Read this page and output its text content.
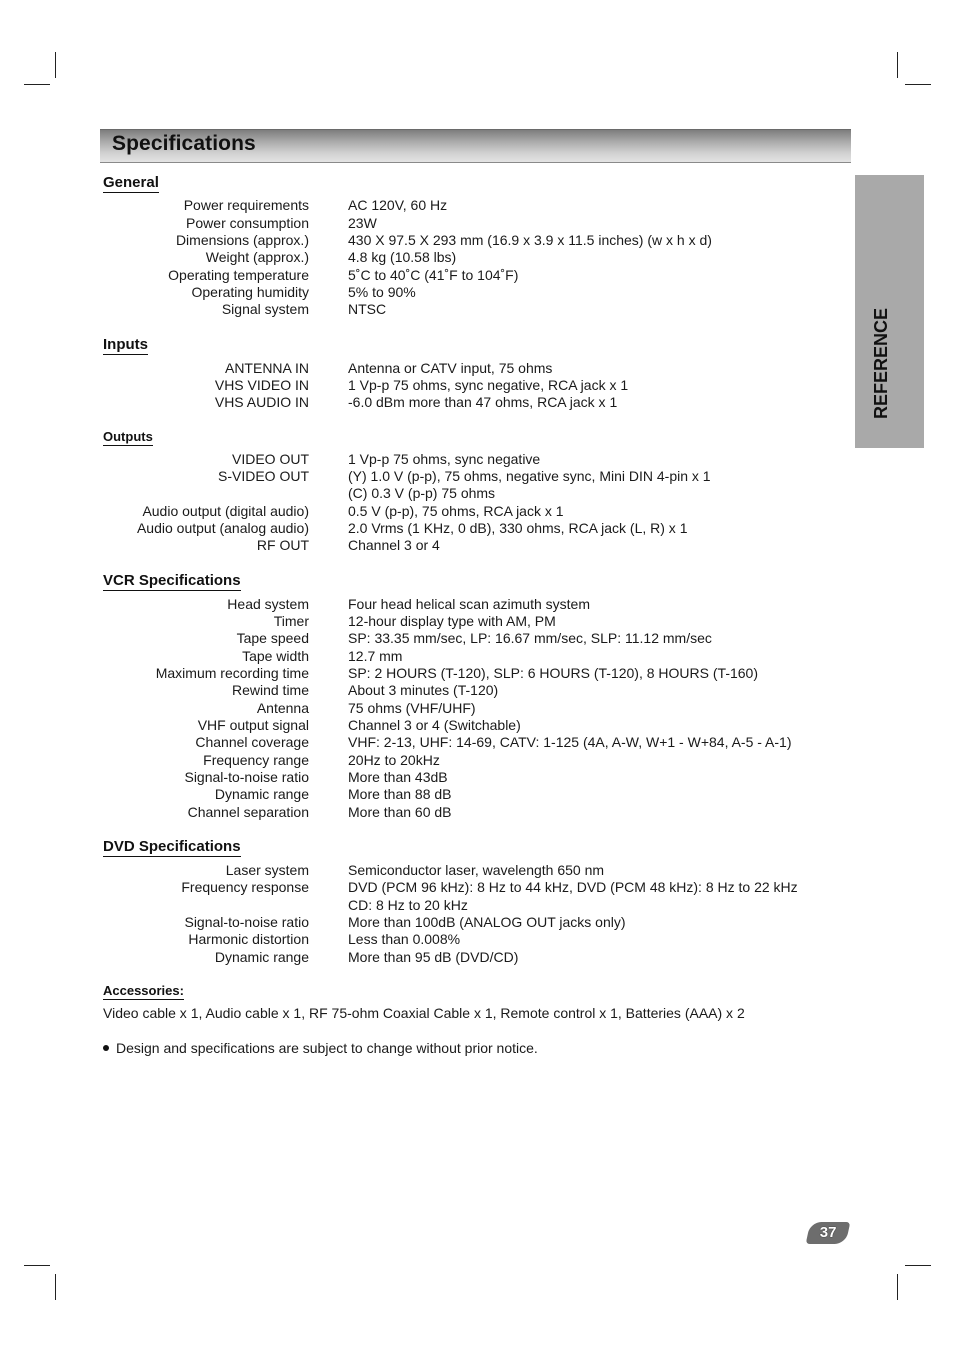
Specifications
REFERENCE
General
Power requirements	AC 120V, 60 Hz
Power consumption	23W
Dimensions (approx.)	430 X 97.5 X 293 mm (16.9 x 3.9 x 11.5 inches) (w x h x d)
Weight (approx.)	4.8 kg (10.58 lbs)
Operating temperature	5˚C to 40˚C (41˚F to 104˚F)
Operating humidity	5% to 90%
Signal system	NTSC
Inputs
ANTENNA IN	Antenna or CATV input, 75 ohms
VHS VIDEO IN	1 Vp-p 75 ohms, sync negative, RCA jack x 1
VHS AUDIO IN	-6.0 dBm more than 47 ohms, RCA jack x 1
Outputs
VIDEO OUT	1 Vp-p 75 ohms, sync negative
S-VIDEO OUT	(Y) 1.0 V (p-p), 75 ohms, negative sync, Mini DIN 4-pin x 1
(C) 0.3 V (p-p) 75 ohms
Audio output (digital audio)	0.5 V (p-p), 75 ohms, RCA jack x 1
Audio output (analog audio)	2.0 Vrms (1 KHz, 0 dB), 330 ohms, RCA jack (L, R) x 1
RF OUT	Channel 3 or 4
VCR Specifications
Head system	Four head helical scan azimuth system
Timer	12-hour display type with AM, PM
Tape speed	SP: 33.35 mm/sec, LP: 16.67 mm/sec, SLP: 11.12 mm/sec
Tape width	12.7 mm
Maximum recording time	SP: 2 HOURS (T-120), SLP: 6 HOURS (T-120), 8 HOURS (T-160)
Rewind time	About 3 minutes (T-120)
Antenna	75 ohms (VHF/UHF)
VHF output signal	Channel 3 or 4 (Switchable)
Channel coverage	VHF: 2-13, UHF: 14-69, CATV: 1-125 (4A, A-W, W+1 - W+84, A-5 - A-1)
Frequency range	20Hz to 20kHz
Signal-to-noise ratio	More than 43dB
Dynamic range	More than 88 dB
Channel separation	More than 60 dB
DVD Specifications
Laser system	Semiconductor laser, wavelength 650 nm
Frequency response	DVD (PCM 96 kHz): 8 Hz to 44 kHz, DVD (PCM 48 kHz): 8 Hz to 22 kHz
CD: 8 Hz to 20 kHz
Signal-to-noise ratio	More than 100dB (ANALOG OUT jacks only)
Harmonic distortion	Less than 0.008%
Dynamic range	More than 95 dB (DVD/CD)
Accessories:
Video cable x 1, Audio cable x 1, RF 75-ohm Coaxial Cable x 1, Remote control x 1, Batteries (AAA) x 2
Design and specifications are subject to change without prior notice.
37
